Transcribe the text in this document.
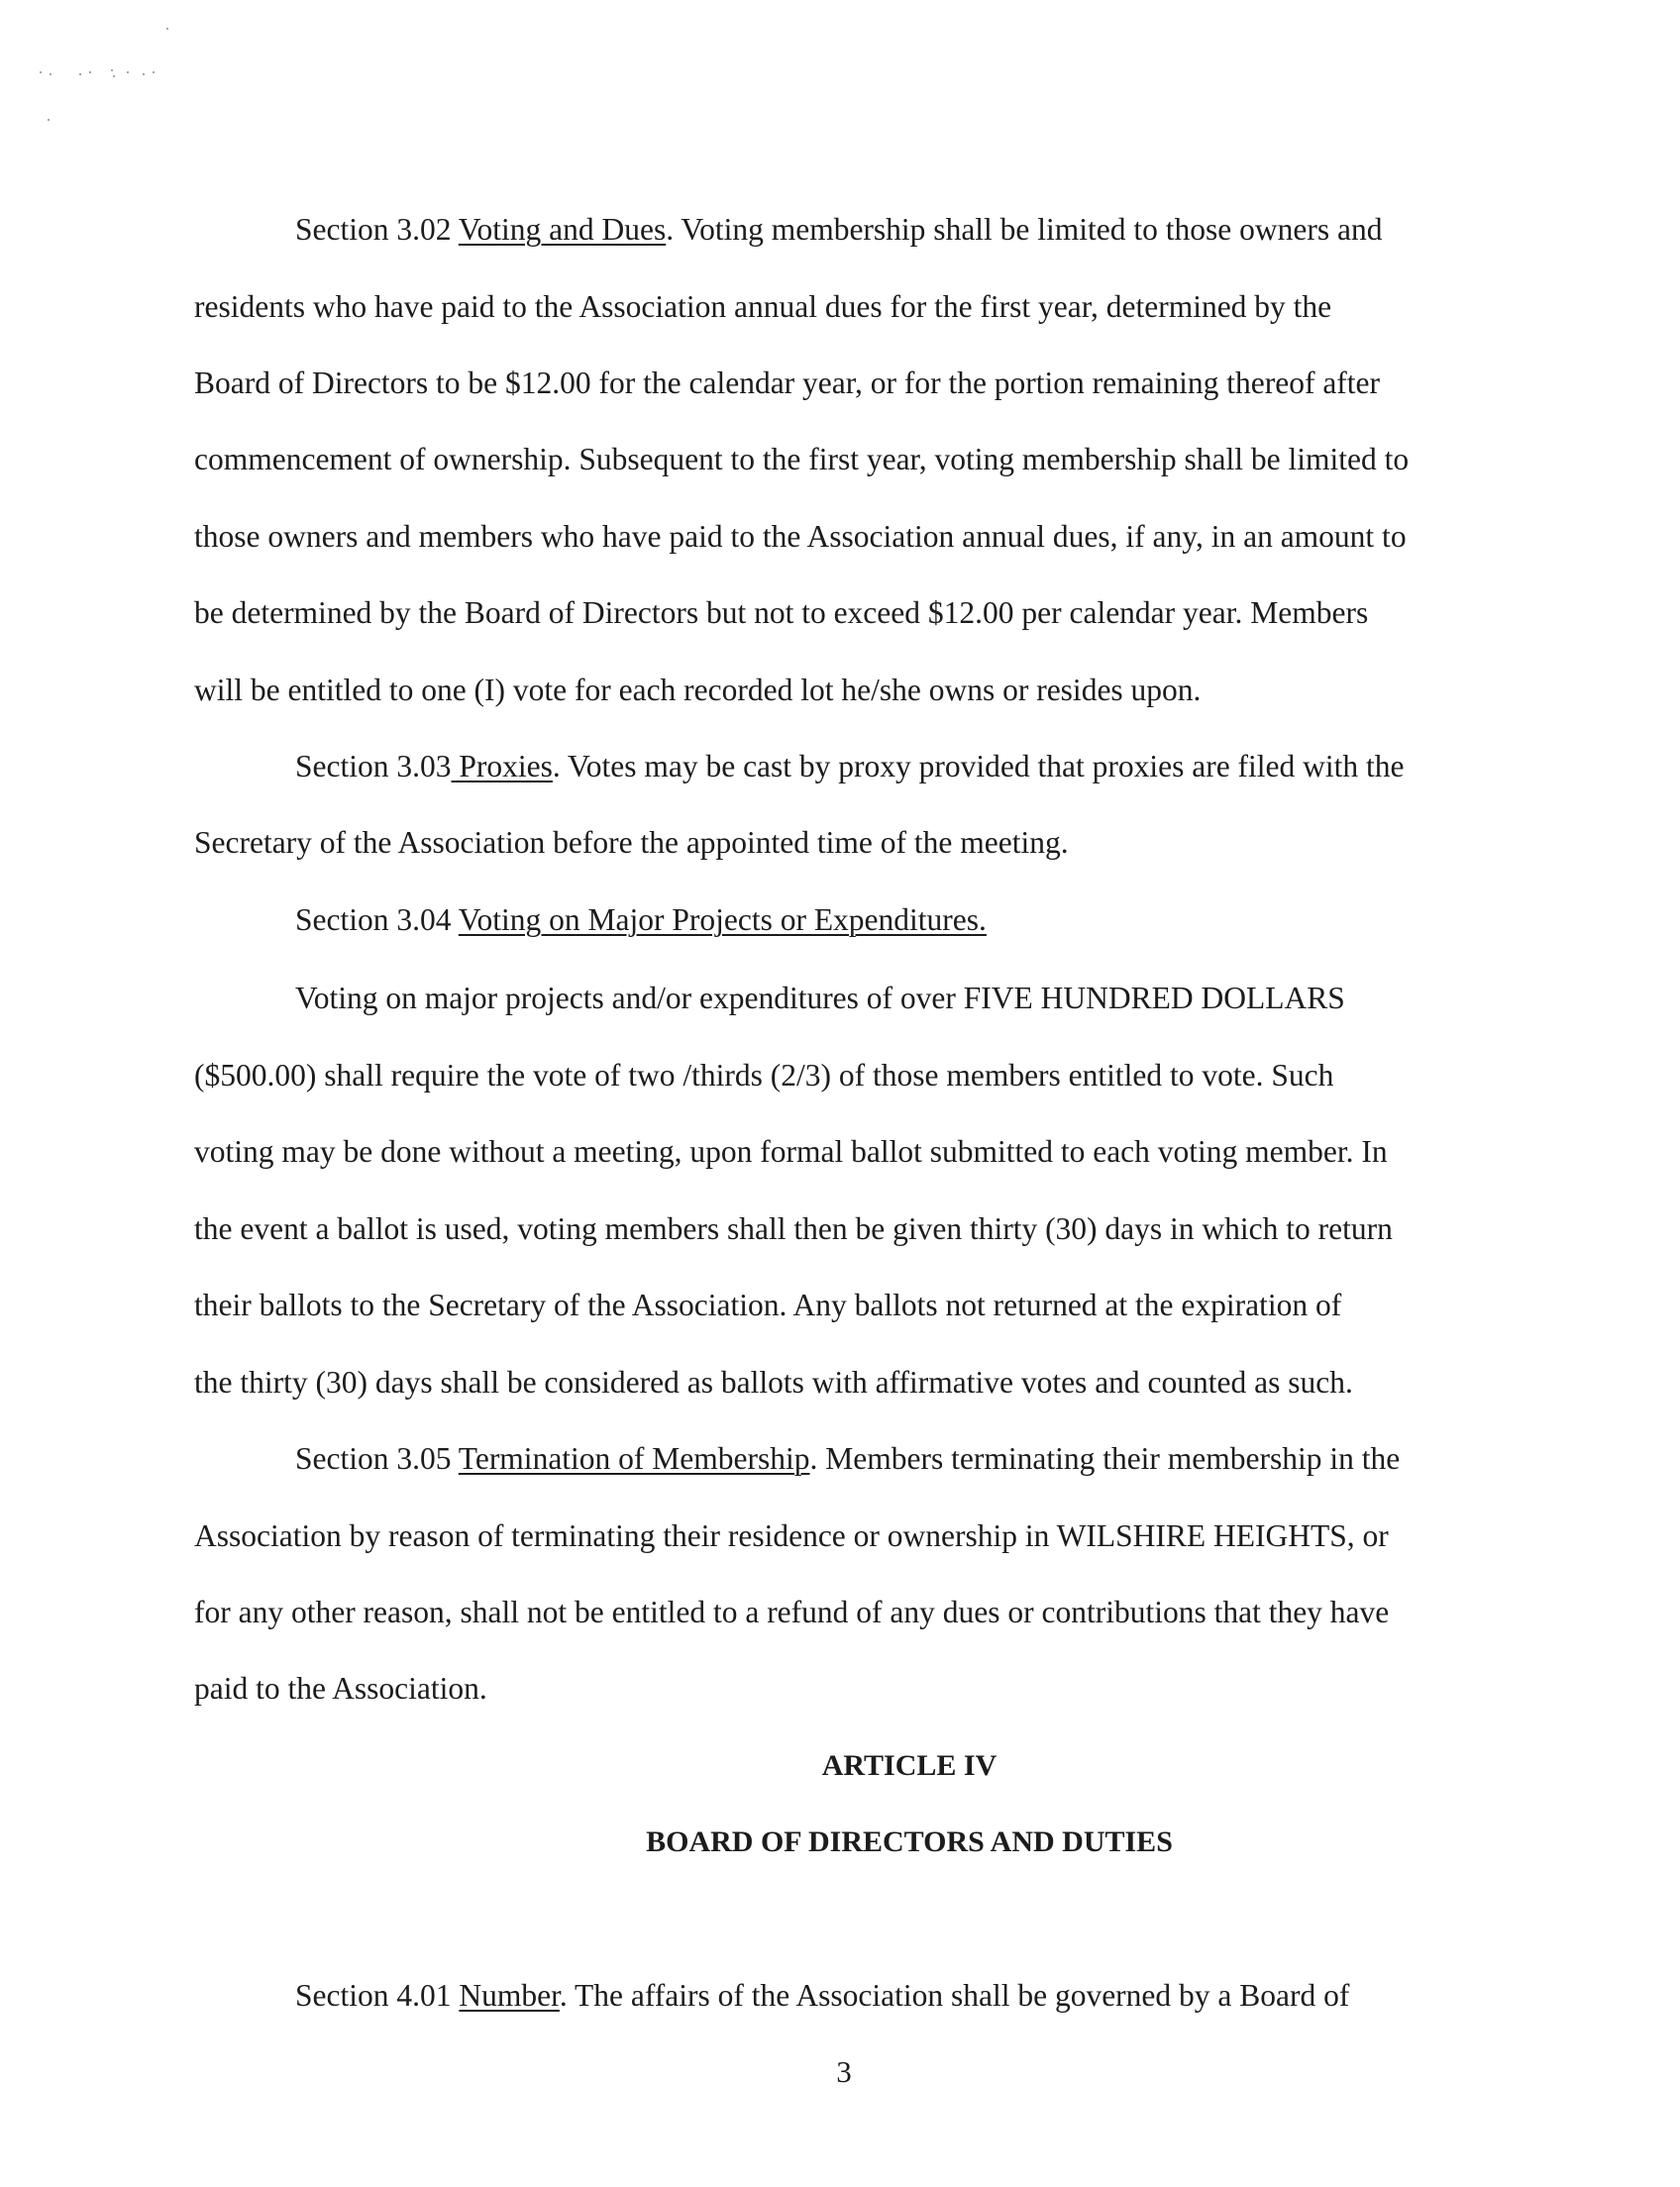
Section 3.02 Voting and Dues. Voting membership shall be limited to those owners and
residents who have paid to the Association annual dues for the first year, determined by the
Board of Directors to be $12.00 for the calendar year, or for the portion remaining thereof after
commencement of ownership. Subsequent to the first year, voting membership shall be limited to
those owners and members who have paid to the Association annual dues, if any, in an amount to
be determined by the Board of Directors but not to exceed $12.00 per calendar year. Members
will be entitled to one (I) vote for each recorded lot he/she owns or resides upon.
Section 3.03 Proxies. Votes may be cast by proxy provided that proxies are filed with the
Secretary of the Association before the appointed time of the meeting.
Section 3.04 Voting on Major Projects or Expenditures.
Voting on major projects and/or expenditures of over FIVE HUNDRED DOLLARS
($500.00) shall require the vote of two /thirds (2/3) of those members entitled to vote. Such
voting may be done without a meeting, upon formal ballot submitted to each voting member. In
the event a ballot is used, voting members shall then be given thirty (30) days in which to return
their ballots to the Secretary of the Association. Any ballots not returned at the expiration of
the thirty (30) days shall be considered as ballots with affirmative votes and counted as such.
Section 3.05 Termination of Membership. Members terminating their membership in the
Association by reason of terminating their residence or ownership in WILSHIRE HEIGHTS, or
for any other reason, shall not be entitled to a refund of any dues or contributions that they have
paid to the Association.
ARTICLE IV
BOARD OF DIRECTORS AND DUTIES
Section 4.01 Number. The affairs of the Association shall be governed by a Board of
3
